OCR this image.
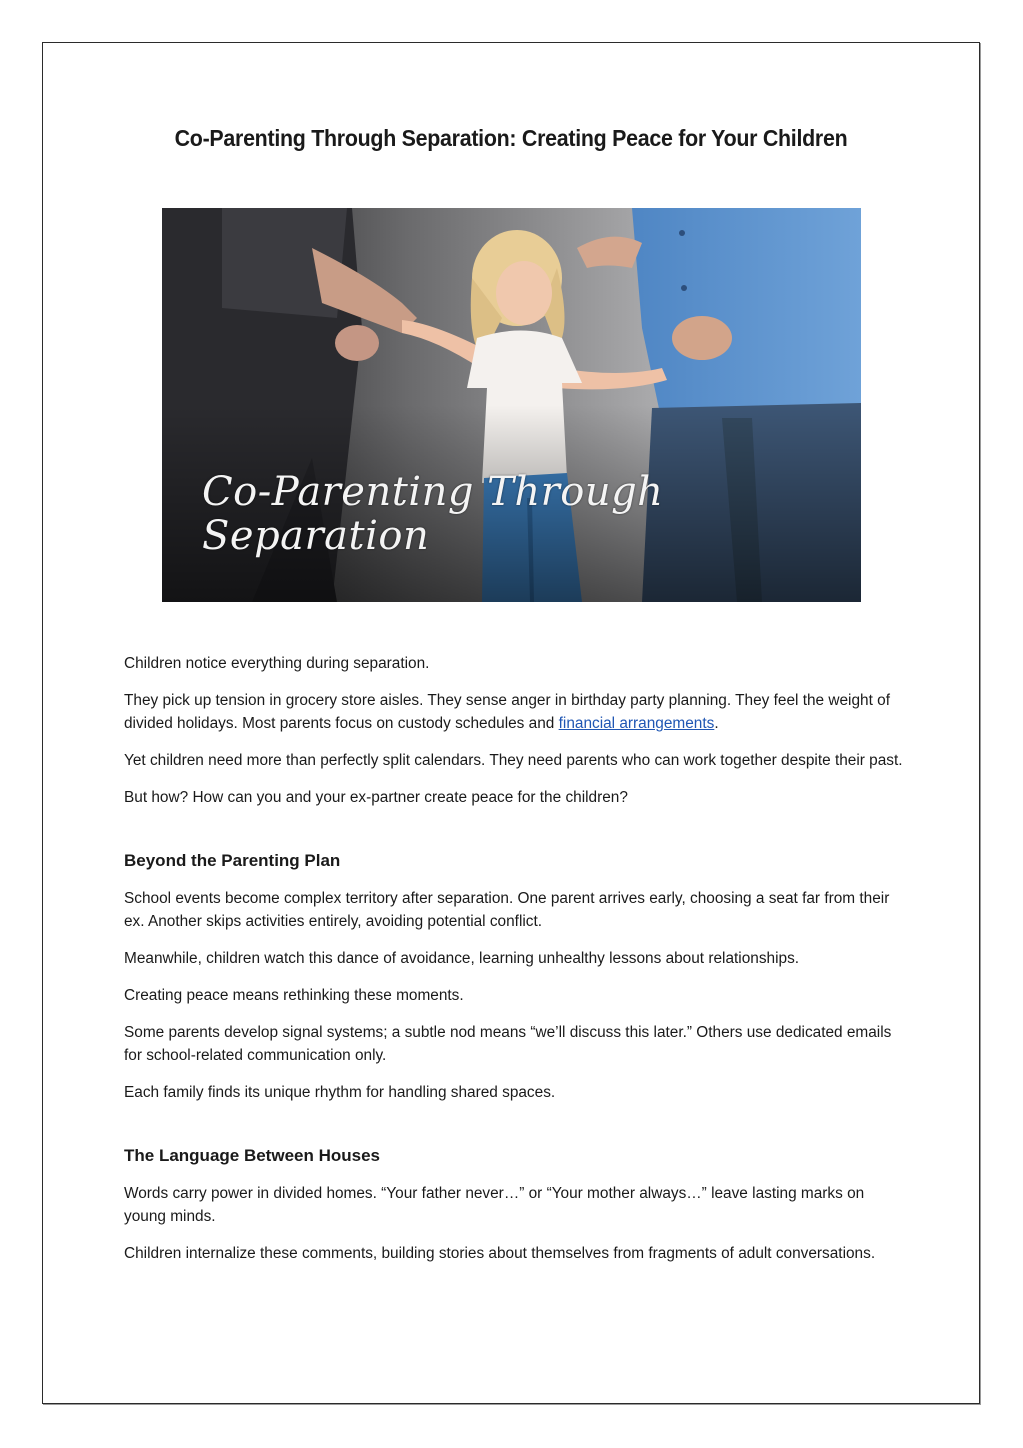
Co-Parenting Through Separation: Creating Peace for Your Children
Co-Parenting Through
Separation

Children notice everything during separation.

They pick up tension in grocery store aisles. They sense anger in birthday party planning. They feel the weight of divided holidays. Most parents focus on custody schedules and financial arrangements.

Yet children need more than perfectly split calendars. They need parents who can work together despite their past.

But how? How can you and your ex-partner create peace for the children?

Beyond the Parenting Plan

School events become complex territory after separation. One parent arrives early, choosing a seat far from their ex. Another skips activities entirely, avoiding potential conflict.

Meanwhile, children watch this dance of avoidance, learning unhealthy lessons about relationships.

Creating peace means rethinking these moments.

Some parents develop signal systems; a subtle nod means “we’ll discuss this later.” Others use dedicated emails for school-related communication only.

Each family finds its unique rhythm for handling shared spaces.

The Language Between Houses

Words carry power in divided homes. “Your father never…” or “Your mother always…” leave lasting marks on young minds.

Children internalize these comments, building stories about themselves from fragments of adult conversations.
